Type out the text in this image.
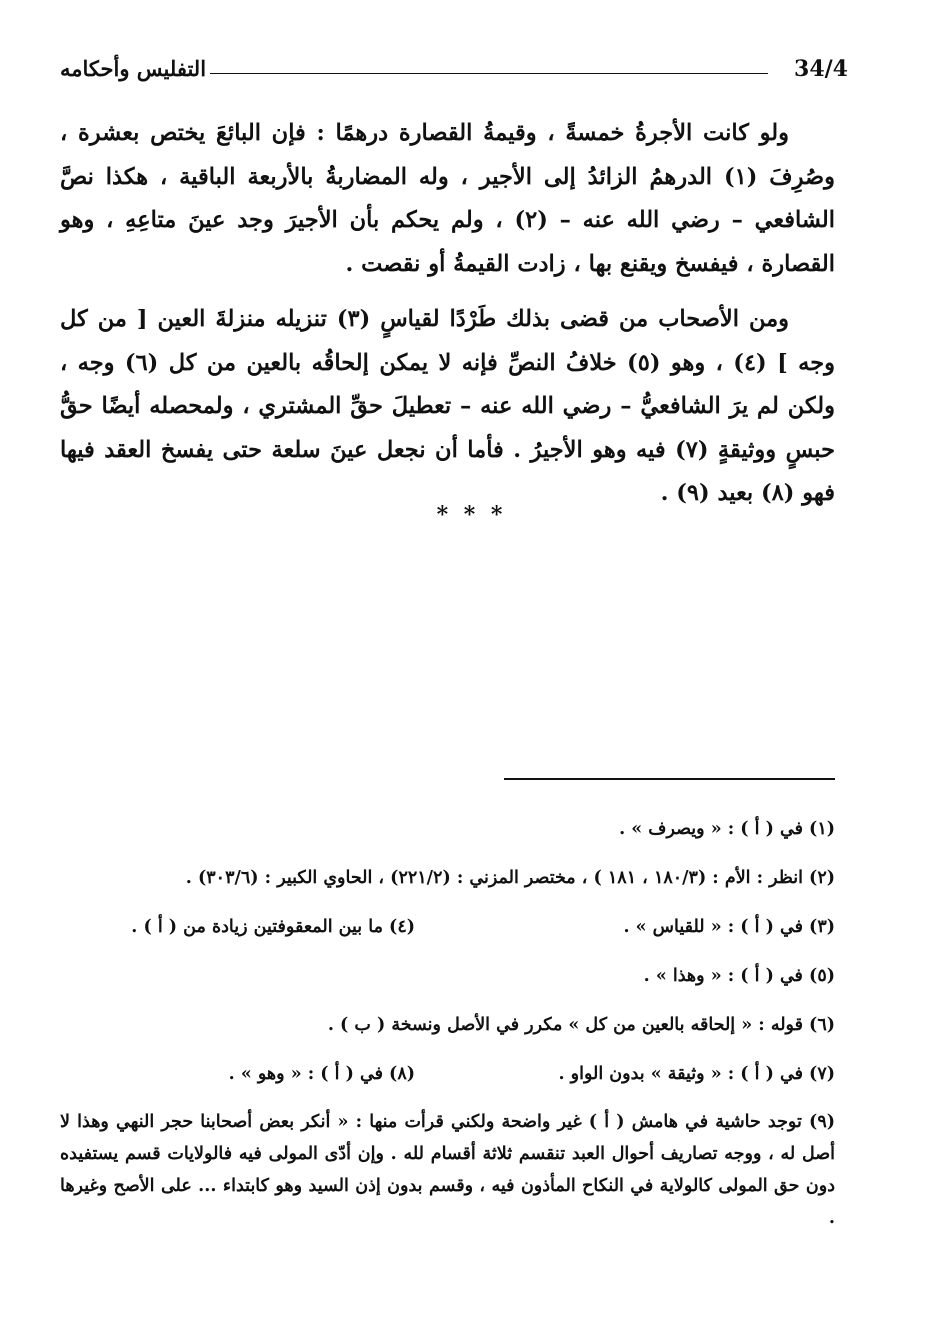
التفليس وأحكامه	34/4

ولو كانت الأجرةُ خمسةً ، وقيمةُ القصارة درهمًا : فإن البائعَ يختص بعشرة ، وصُرِفَ (١) الدرهمُ الزائدُ إلى الأجير ، وله المضاربةُ بالأربعة الباقية ، هكذا نصَّ الشافعي – رضي الله عنه – (٢) ، ولم يحكم بأن الأجيرَ وجد عينَ متاعِهِ ، وهو القصارة ، فيفسخ ويقنع بها ، زادت القيمةُ أو نقصت .

ومن الأصحاب من قضى بذلك طَرْدًا لقياسٍ (٣) تنزيله منزلةَ العين [ من كل وجه ] (٤) ، وهو (٥) خلافُ النصِّ فإنه لا يمكن إلحاقُه بالعين من كل (٦) وجه ، ولكن لم يرَ الشافعيُّ – رضي الله عنه – تعطيلَ حقِّ المشتري ، ولمحصله أيضًا حقُّ حبسٍ ووثيقةٍ (٧) فيه وهو الأجيرُ . فأما أن نجعل عينَ سلعة حتى يفسخ العقد فيها فهو (٨) بعيد (٩) .

* * *
(١) في ( أ ) : « ويصرف » .
(٢) انظر : الأم : (١٨٠/٣ ، ١٨١ ) ، مختصر المزني : (٢٢١/٢) ، الحاوي الكبير : (٣٠٣/٦) .
(٣) في ( أ ) : « للقياس » .
(٤) ما بين المعقوفتين زيادة من ( أ ) .
(٥) في ( أ ) : « وهذا » .
(٦) قوله : « إلحاقه بالعين من كل » مكرر في الأصل ونسخة ( ب ) .
(٧) في ( أ ) : « وثيقة » بدون الواو .
(٨) في ( أ ) : « وهو » .
(٩) توجد حاشية في هامش ( أ ) غير واضحة ولكني قرأت منها : « أنكر بعض أصحابنا حجر النهي وهذا لا أصل له ، ووجه تصاريف أحوال العبد تنقسم ثلاثة أقسام لله . وإن أدّى المولى فيه فالولايات قسم يستفيده دون حق المولى كالولاية في النكاح المأذون فيه ، وقسم بدون إذن السيد وهو كابتداء ... على الأصح وغيرها .
